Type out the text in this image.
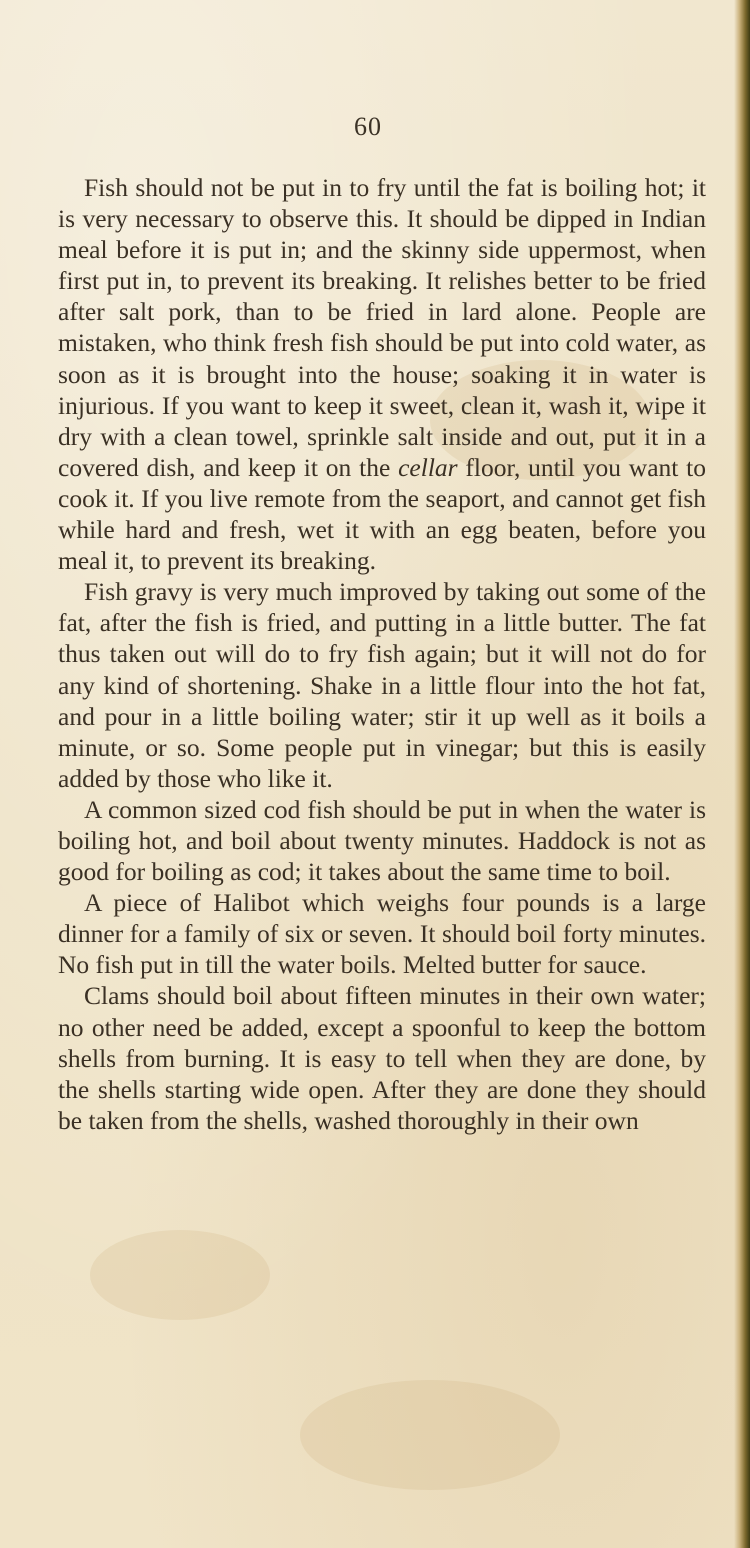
60

Fish should not be put in to fry until the fat is boiling hot; it is very necessary to observe this. It should be dipped in Indian meal before it is put in; and the skinny side uppermost, when first put in, to prevent its breaking. It relishes better to be fried after salt pork, than to be fried in lard alone. People are mistaken, who think fresh fish should be put into cold water, as soon as it is brought into the house; soaking it in water is injurious. If you want to keep it sweet, clean it, wash it, wipe it dry with a clean towel, sprinkle salt inside and out, put it in a covered dish, and keep it on the cellar floor, until you want to cook it. If you live remote from the seaport, and cannot get fish while hard and fresh, wet it with an egg beaten, before you meal it, to prevent its breaking.

Fish gravy is very much improved by taking out some of the fat, after the fish is fried, and putting in a little butter. The fat thus taken out will do to fry fish again; but it will not do for any kind of shortening. Shake in a little flour into the hot fat, and pour in a little boiling water; stir it up well as it boils a minute, or so. Some people put in vinegar; but this is easily added by those who like it.

A common sized cod fish should be put in when the water is boiling hot, and boil about twenty minutes. Haddock is not as good for boiling as cod; it takes about the same time to boil.

A piece of Halibot which weighs four pounds is a large dinner for a family of six or seven. It should boil forty minutes. No fish put in till the water boils. Melted butter for sauce.

Clams should boil about fifteen minutes in their own water; no other need be added, except a spoonful to keep the bottom shells from burning. It is easy to tell when they are done, by the shells starting wide open. After they are done they should be taken from the shells, washed thoroughly in their own
